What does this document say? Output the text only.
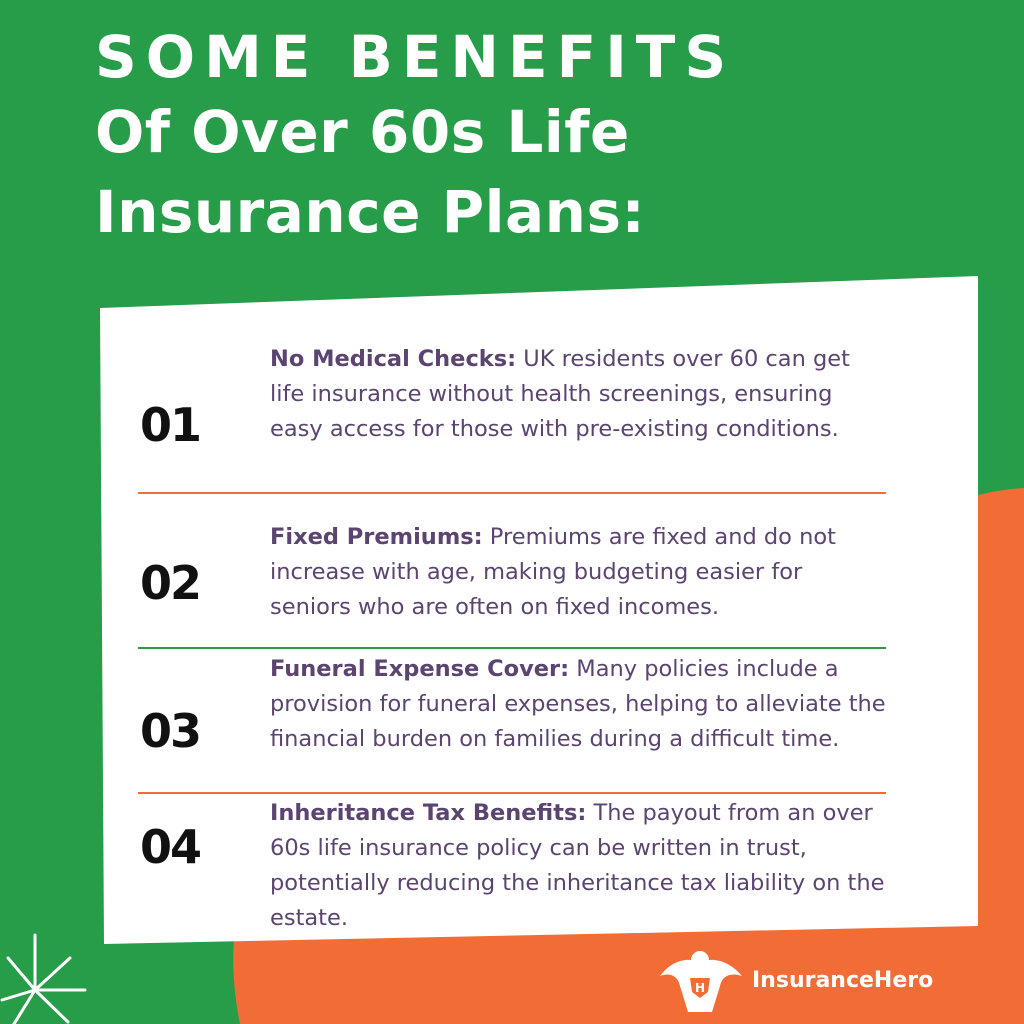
SOME BENEFITS
Of Over 60s Life
Insurance Plans:
01
No Medical Checks: UK residents over 60 can get life insurance without health screenings, ensuring easy access for those with pre-existing conditions.
02
Fixed Premiums: Premiums are fixed and do not increase with age, making budgeting easier for seniors who are often on fixed incomes.
03
Funeral Expense Cover: Many policies include a provision for funeral expenses, helping to alleviate the financial burden on families during a difficult time.
04
Inheritance Tax Benefits: The payout from an over 60s life insurance policy can be written in trust, potentially reducing the inheritance tax liability on the estate.
H InsuranceHero
